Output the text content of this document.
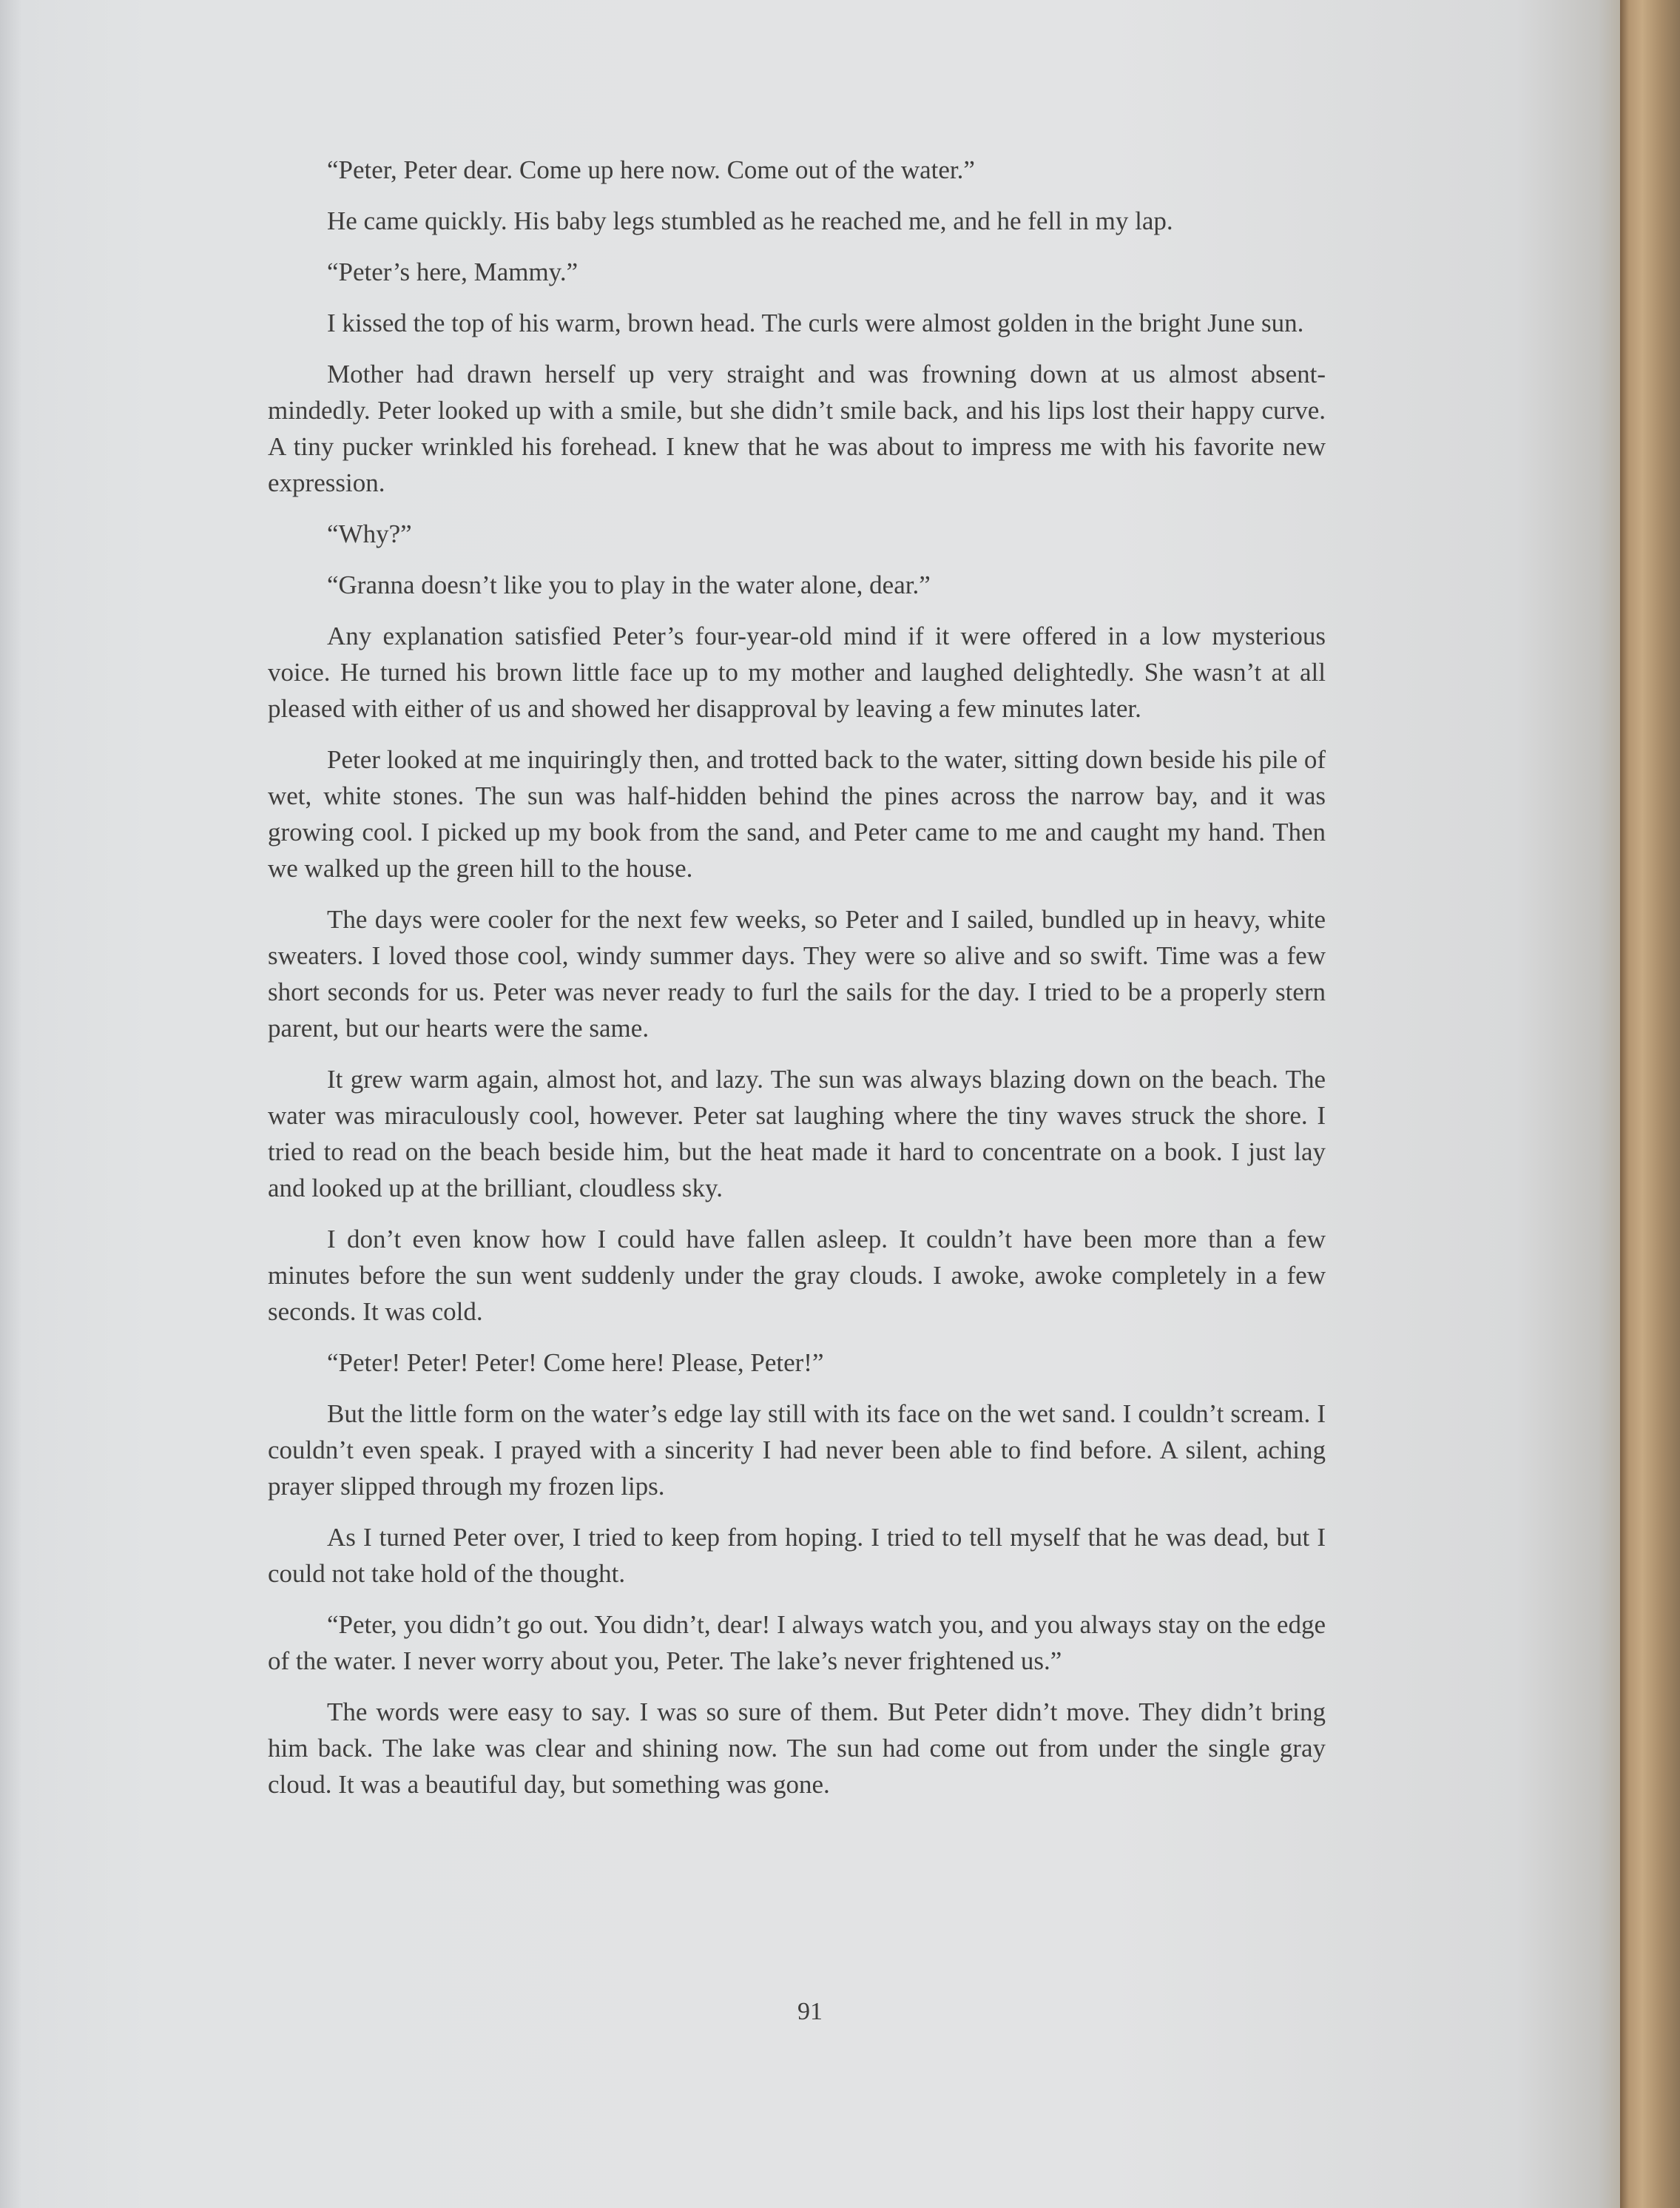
“Peter, Peter dear. Come up here now. Come out of the water.”

He came quickly. His baby legs stumbled as he reached me, and he fell in my lap.

“Peter’s here, Mammy.”

I kissed the top of his warm, brown head. The curls were almost golden in the bright June sun.

Mother had drawn herself up very straight and was frowning down at us almost absent-mindedly. Peter looked up with a smile, but she didn’t smile back, and his lips lost their happy curve. A tiny pucker wrinkled his forehead. I knew that he was about to impress me with his favorite new expression.

“Why?”

“Granna doesn’t like you to play in the water alone, dear.”

Any explanation satisfied Peter’s four-year-old mind if it were offered in a low mysterious voice. He turned his brown little face up to my mother and laughed delightedly. She wasn’t at all pleased with either of us and showed her disapproval by leaving a few minutes later.

Peter looked at me inquiringly then, and trotted back to the water, sitting down beside his pile of wet, white stones. The sun was half-hidden behind the pines across the narrow bay, and it was growing cool. I picked up my book from the sand, and Peter came to me and caught my hand. Then we walked up the green hill to the house.

The days were cooler for the next few weeks, so Peter and I sailed, bundled up in heavy, white sweaters. I loved those cool, windy summer days. They were so alive and so swift. Time was a few short seconds for us. Peter was never ready to furl the sails for the day. I tried to be a properly stern parent, but our hearts were the same.

It grew warm again, almost hot, and lazy. The sun was always blazing down on the beach. The water was miraculously cool, however. Peter sat laughing where the tiny waves struck the shore. I tried to read on the beach beside him, but the heat made it hard to concentrate on a book. I just lay and looked up at the brilliant, cloudless sky.

I don’t even know how I could have fallen asleep. It couldn’t have been more than a few minutes before the sun went suddenly under the gray clouds. I awoke, awoke completely in a few seconds. It was cold.

“Peter! Peter! Peter! Come here! Please, Peter!”

But the little form on the water’s edge lay still with its face on the wet sand. I couldn’t scream. I couldn’t even speak. I prayed with a sincerity I had never been able to find before. A silent, aching prayer slipped through my frozen lips.

As I turned Peter over, I tried to keep from hoping. I tried to tell myself that he was dead, but I could not take hold of the thought.

“Peter, you didn’t go out. You didn’t, dear! I always watch you, and you always stay on the edge of the water. I never worry about you, Peter. The lake’s never frightened us.”

The words were easy to say. I was so sure of them. But Peter didn’t move. They didn’t bring him back. The lake was clear and shining now. The sun had come out from under the single gray cloud. It was a beautiful day, but something was gone.

91
